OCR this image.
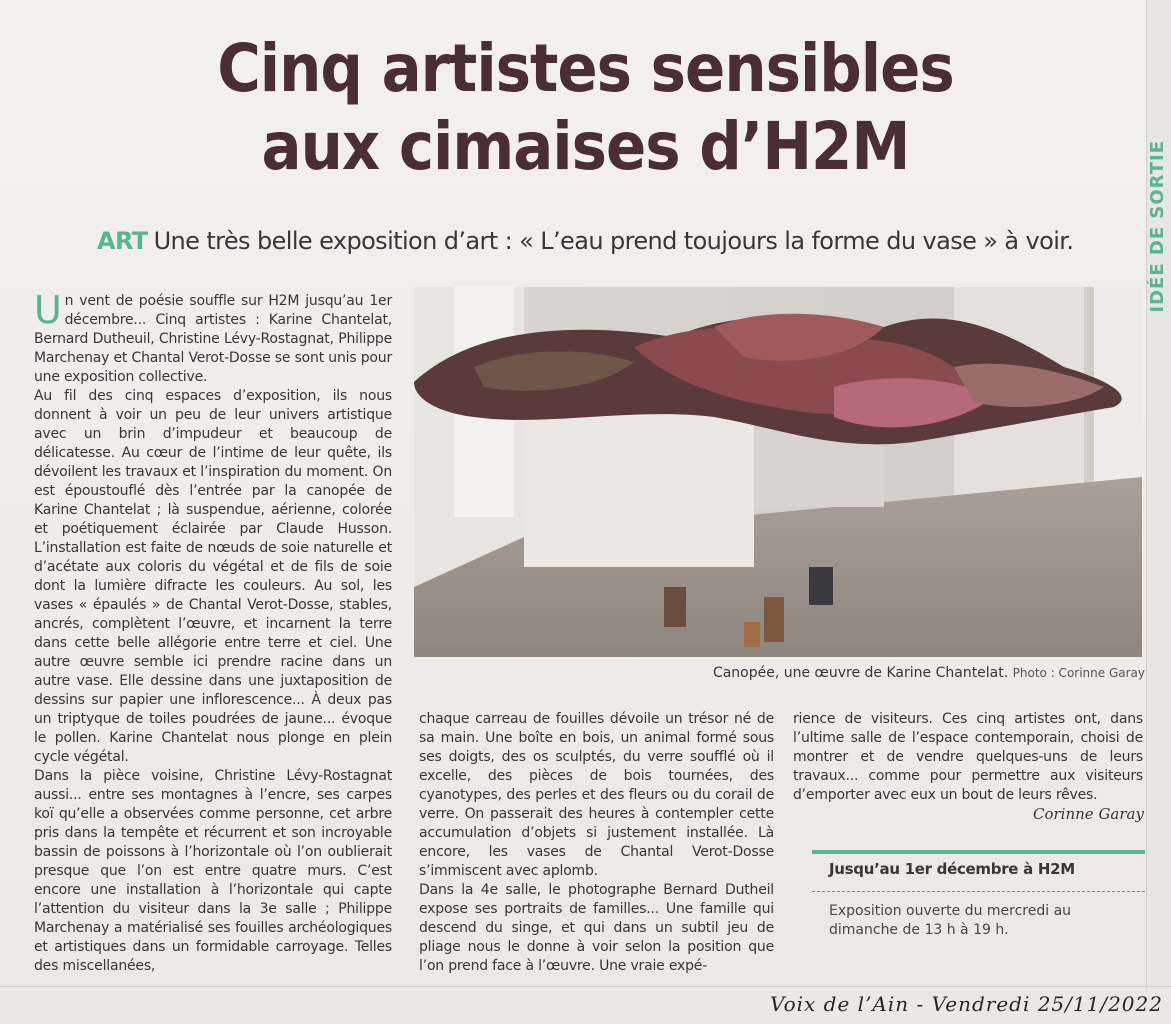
IDÉE DE SORTIE
Cinq artistes sensibles
aux cimaises d’H2M
ART Une très belle exposition d’art : « L’eau prend toujours la forme du vase » à voir.
U n vent de poésie souffle sur H2M jusqu’au 1er décembre... Cinq artistes : Karine Chantelat, Bernard Dutheuil, Christine Lévy-Rostagnat, Philippe Marchenay et Chantal Verot-Dosse se sont unis pour une exposition collective.

Au fil des cinq espaces d’exposition, ils nous donnent à voir un peu de leur univers artistique avec un brin d’impudeur et beaucoup de délicatesse. Au cœur de l’intime de leur quête, ils dévoilent les travaux et l’inspiration du moment. On est époustouflé dès l’entrée par la canopée de Karine Chantelat ; là suspendue, aérienne, colorée et poétiquement éclairée par Claude Husson. L’installation est faite de nœuds de soie naturelle et d’acétate aux coloris du végétal et de fils de soie dont la lumière difracte les couleurs. Au sol, les vases « épaulés » de Chantal Verot-Dosse, stables, ancrés, complètent l’œuvre, et incarnent la terre dans cette belle allégorie entre terre et ciel. Une autre œuvre semble ici prendre racine dans un autre vase. Elle dessine dans une juxtaposition de dessins sur papier une inflorescence... À deux pas un triptyque de toiles poudrées de jaune... évoque le pollen. Karine Chantelat nous plonge en plein cycle végétal.

Dans la pièce voisine, Christine Lévy-Rostagnat aussi... entre ses montagnes à l’encre, ses carpes koï qu’elle a observées comme personne, cet arbre pris dans la tempête et récurrent et son incroyable bassin de poissons à l’horizontale où l’on oublierait presque que l’on est entre quatre murs. C’est encore une installation à l’horizontale qui capte l’attention du visiteur dans la 3e salle ; Philippe Marchenay a matérialisé ses fouilles archéologiques et artistiques dans un formidable carroyage. Telles des miscellanées,

Canopée, une œuvre de Karine Chantelat. Photo : Corinne Garay

chaque carreau de fouilles dévoile un trésor né de sa main. Une boîte en bois, un animal formé sous ses doigts, des os sculptés, du verre soufflé où il excelle, des pièces de bois tournées, des cyanotypes, des perles et des fleurs ou du corail de verre. On passerait des heures à contempler cette accumulation d’objets si justement installée. Là encore, les vases de Chantal Verot-Dosse s’immiscent avec aplomb.

Dans la 4e salle, le photographe Bernard Dutheil expose ses portraits de familles... Une famille qui descend du singe, et qui dans un subtil jeu de pliage nous le donne à voir selon la position que l’on prend face à l’œuvre. Une vraie expé-

rience de visiteurs. Ces cinq artistes ont, dans l’ultime salle de l’espace contemporain, choisi de montrer et de vendre quelques-uns de leurs travaux... comme pour permettre aux visiteurs d’emporter avec eux un bout de leurs rêves.

Corinne Garay
Jusqu’au 1er décembre à H2M
Exposition ouverte du mercredi au dimanche de 13 h à 19 h.
Voix de l’Ain - Vendredi 25/11/2022
